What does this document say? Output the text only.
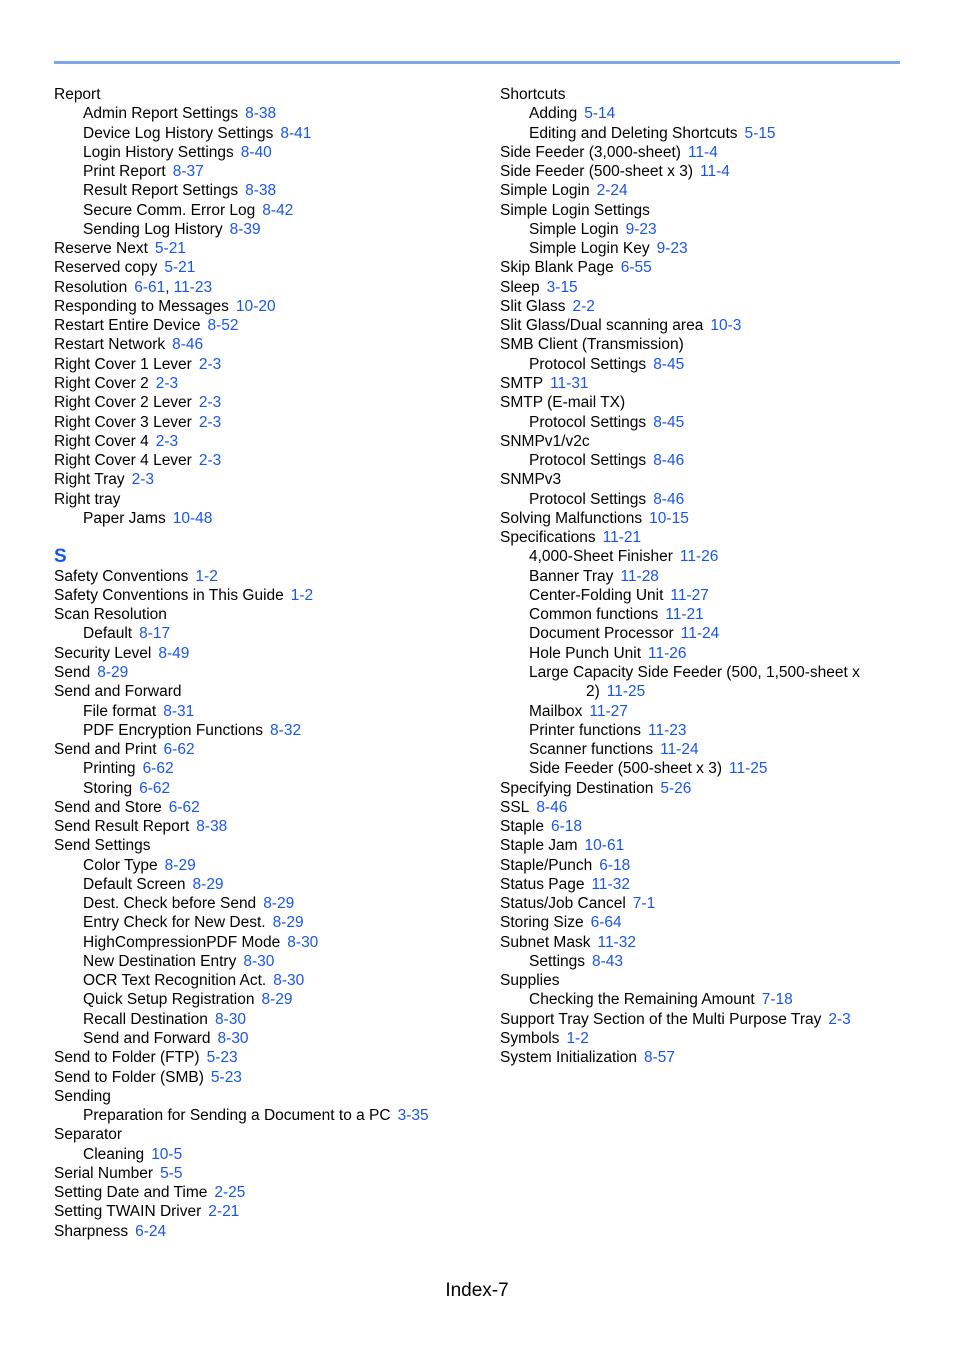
Report
Admin Report Settings 8-38
Device Log History Settings 8-41
Login History Settings 8-40
Print Report 8-37
Result Report Settings 8-38
Secure Comm. Error Log 8-42
Sending Log History 8-39
Reserve Next 5-21
Reserved copy 5-21
Resolution 6-61, 11-23
Responding to Messages 10-20
Restart Entire Device 8-52
Restart Network 8-46
Right Cover 1 Lever 2-3
Right Cover 2 2-3
Right Cover 2 Lever 2-3
Right Cover 3 Lever 2-3
Right Cover 4 2-3
Right Cover 4 Lever 2-3
Right Tray 2-3
Right tray
Paper Jams 10-48
S
Safety Conventions 1-2
Safety Conventions in This Guide 1-2
Scan Resolution
Default 8-17
Security Level 8-49
Send 8-29
Send and Forward
File format 8-31
PDF Encryption Functions 8-32
Send and Print 6-62
Printing 6-62
Storing 6-62
Send and Store 6-62
Send Result Report 8-38
Send Settings
Color Type 8-29
Default Screen 8-29
Dest. Check before Send 8-29
Entry Check for New Dest. 8-29
HighCompressionPDF Mode 8-30
New Destination Entry 8-30
OCR Text Recognition Act. 8-30
Quick Setup Registration 8-29
Recall Destination 8-30
Send and Forward 8-30
Send to Folder (FTP) 5-23
Send to Folder (SMB) 5-23
Sending
Preparation for Sending a Document to a PC 3-35
Separator
Cleaning 10-5
Serial Number 5-5
Setting Date and Time 2-25
Setting TWAIN Driver 2-21
Sharpness 6-24
Shortcuts
Adding 5-14
Editing and Deleting Shortcuts 5-15
Side Feeder (3,000-sheet) 11-4
Side Feeder (500-sheet x 3) 11-4
Simple Login 2-24
Simple Login Settings
Simple Login 9-23
Simple Login Key 9-23
Skip Blank Page 6-55
Sleep 3-15
Slit Glass 2-2
Slit Glass/Dual scanning area 10-3
SMB Client (Transmission)
Protocol Settings 8-45
SMTP 11-31
SMTP (E-mail TX)
Protocol Settings 8-45
SNMPv1/v2c
Protocol Settings 8-46
SNMPv3
Protocol Settings 8-46
Solving Malfunctions 10-15
Specifications 11-21
4,000-Sheet Finisher 11-26
Banner Tray 11-28
Center-Folding Unit 11-27
Common functions 11-21
Document Processor 11-24
Hole Punch Unit 11-26
Large Capacity Side Feeder (500, 1,500-sheet x 2) 11-25
Mailbox 11-27
Printer functions 11-23
Scanner functions 11-24
Side Feeder (500-sheet x 3) 11-25
Specifying Destination 5-26
SSL 8-46
Staple 6-18
Staple Jam 10-61
Staple/Punch 6-18
Status Page 11-32
Status/Job Cancel 7-1
Storing Size 6-64
Subnet Mask 11-32
Settings 8-43
Supplies
Checking the Remaining Amount 7-18
Support Tray Section of the Multi Purpose Tray 2-3
Symbols 1-2
System Initialization 8-57
Index-7
